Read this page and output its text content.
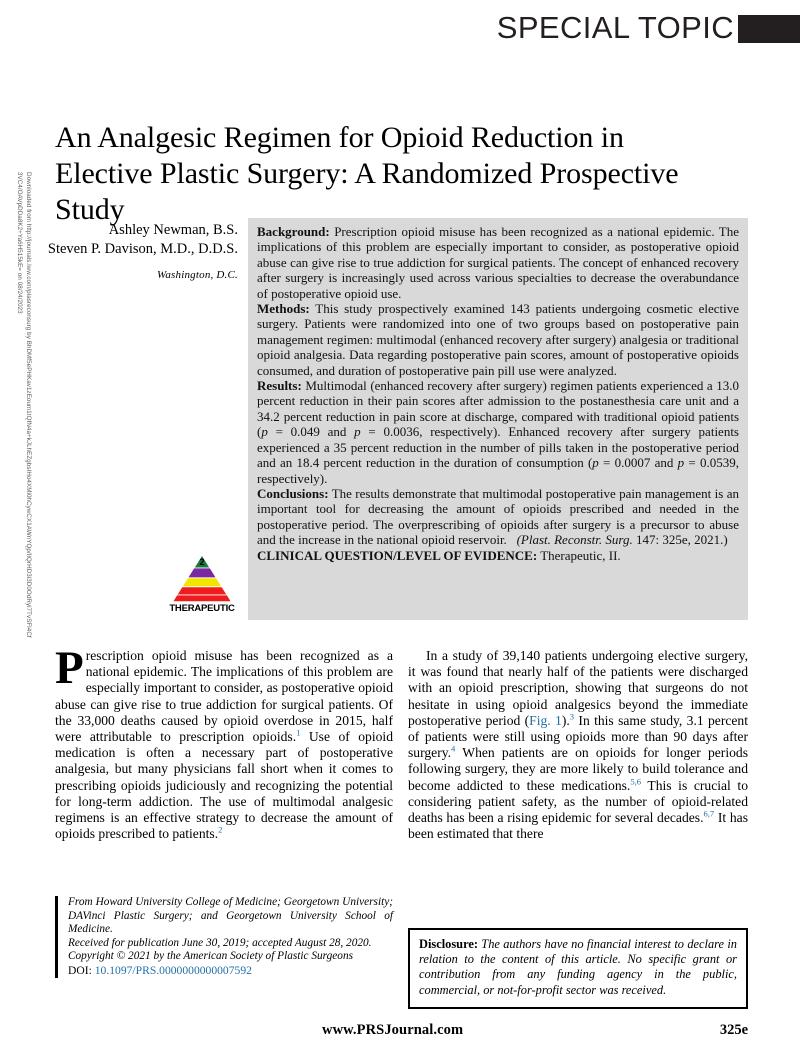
SPECIAL TOPIC
Downloaded from http://journals.lww.com/plasreconsurg by BhDMf5ePHKav1zEoum1tQfN4a+kJLhEZgbsIHo4XMi0hCywCX1AWnYQp/IlQrHD3i3D0OdRyi7TvSFl4Cf3VC4/OAVpDDa8K2+Ya6H515kE= on 08/24/2023
An Analgesic Regimen for Opioid Reduction in Elective Plastic Surgery: A Randomized Prospective Study
Ashley Newman, B.S.
Steven P. Davison, M.D., D.D.S.
Washington, D.C.
2
THERAPEUTIC

Background: Prescription opioid misuse has been recognized as a national epidemic. The implications of this problem are especially important to consider, as postoperative opioid abuse can give rise to true addiction for surgical patients. The concept of enhanced recovery after surgery is increasingly used across various specialties to decrease the overabundance of postoperative opioid use.

Methods: This study prospectively examined 143 patients undergoing cosmetic elective surgery. Patients were randomized into one of two groups based on postoperative pain management regimen: multimodal (enhanced recovery after surgery) analgesia or traditional opioid analgesia. Data regarding postoperative pain scores, amount of postoperative opioids consumed, and duration of postoperative pain pill use were analyzed.

Results: Multimodal (enhanced recovery after surgery) regimen patients experienced a 13.0 percent reduction in their pain scores after admission to the postanesthesia care unit and a 34.2 percent reduction in pain score at discharge, compared with traditional opioid patients (p = 0.049 and p = 0.0036, respectively). Enhanced recovery after surgery patients experienced a 35 percent reduction in the number of pills taken in the postoperative period and an 18.4 percent reduction in the duration of consumption (p = 0.0007 and p = 0.0539, respectively).

Conclusions: The results demonstrate that multimodal postoperative pain management is an important tool for decreasing the amount of opioids prescribed and needed in the postoperative period. The overprescribing of opioids after surgery is a precursor to abuse and the increase in the national opioid reservoir. (Plast. Reconstr. Surg. 147: 325e, 2021.)

CLINICAL QUESTION/LEVEL OF EVIDENCE: Therapeutic, II.

Prescription opioid misuse has been recognized as a national epidemic. The implications of this problem are especially important to consider, as postoperative opioid abuse can give rise to true addiction for surgical patients. Of the 33,000 deaths caused by opioid overdose in 2015, half were attributable to prescription opioids.$^1$ Use of opioid medication is often a necessary part of postoperative analgesia, but many physicians fall short when it comes to prescribing opioids judiciously and recognizing the potential for long-term addiction. The use of multimodal analgesic regimens is an effective strategy to decrease the amount of opioids prescribed to patients.$^2$

In a study of 39,140 patients undergoing elective surgery, it was found that nearly half of the patients were discharged with an opioid prescription, showing that surgeons do not hesitate in using opioid analgesics beyond the immediate postoperative period (Fig. 1).$^3$ In this same study, 3.1 percent of patients were still using opioids more than 90 days after surgery.$^4$ When patients are on opioids for longer periods following surgery, they are more likely to build tolerance and become addicted to these medications.$^{5,6}$ This is crucial to considering patient safety, as the number of opioid-related deaths has been a rising epidemic for several decades.$^{6,7}$ It has been estimated that there

From Howard University College of Medicine; Georgetown University; DAVinci Plastic Surgery; and Georgetown University School of Medicine.

Received for publication June 30, 2019; accepted August 28, 2020.

Copyright © 2021 by the American Society of Plastic Surgeons

DOI: 10.1097/PRS.0000000000007592

Disclosure: The authors have no financial interest to declare in relation to the content of this article. No specific grant or contribution from any funding agency in the public, commercial, or not-for-profit sector was received.

www.PRSJournal.com	325e
